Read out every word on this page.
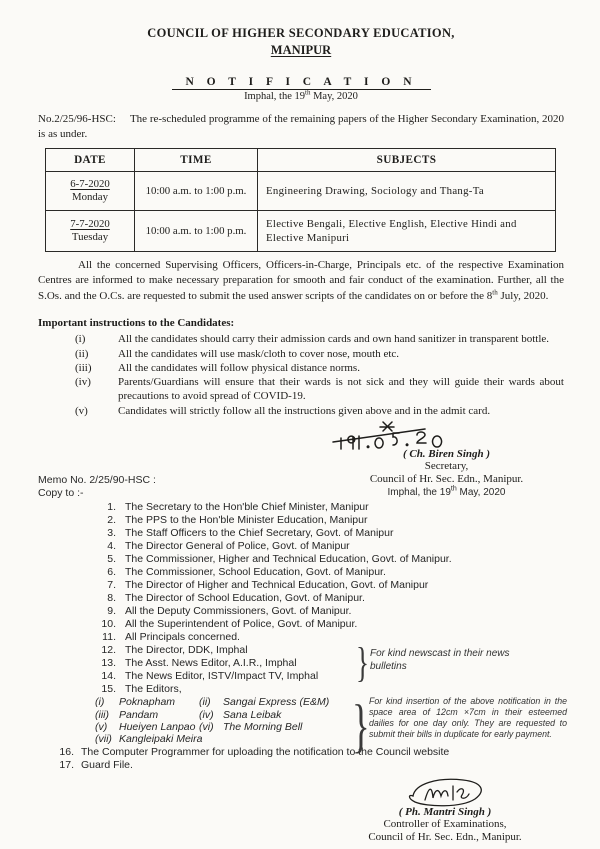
COUNCIL OF HIGHER SECONDARY EDUCATION,
MANIPUR
N O T I F I C A T I O N
Imphal, the 19th May, 2020

No.2/25/96-HSC: The re-scheduled programme of the remaining papers of the Higher Secondary Examination, 2020 is as under.

DATE	TIME	SUBJECTS
6-7-2020
Monday	10:00 a.m. to 1:00 p.m.	Engineering Drawing, Sociology and Thang-Ta
7-7-2020
Tuesday	10:00 a.m. to 1:00 p.m.	Elective Bengali, Elective English, Elective Hindi and Elective Manipuri

All the concerned Supervising Officers, Officers-in-Charge, Principals etc. of the respective Examination Centres are informed to make necessary preparation for smooth and fair conduct of the examination. Further, all the S.Os. and the O.Cs. are requested to submit the used answer scripts of the candidates on or before the 8th July, 2020.

Important instructions to the Candidates:
(i)	All the candidates should carry their admission cards and own hand sanitizer in transparent bottle.
(ii)	All the candidates will use mask/cloth to cover nose, mouth etc.
(iii)	All the candidates will follow physical distance norms.
(iv)	Parents/Guardians will ensure that their wards is not sick and they will guide their wards about precautions to avoid spread of COVID-19.
(v)	Candidates will strictly follow all the instructions given above and in the admit card.
( Ch. Biren Singh )
Secretary,
Council of Hr. Sec. Edn., Manipur.
Imphal, the 19th May, 2020
Memo No. 2/25/90-HSC :
Copy to :-
1. The Secretary to the Hon'ble Chief Minister, Manipur
2. The PPS to the Hon'ble Minister Education, Manipur
3. The Staff Officers to the Chief Secretary, Govt. of Manipur
4. The Director General of Police, Govt. of Manipur
5. The Commissioner, Higher and Technical Education, Govt. of Manipur.
6. The Commissioner, School Education, Govt. of Manipur.
7. The Director of Higher and Technical Education, Govt. of Manipur
8. The Director of School Education, Govt. of Manipur.
9. All the Deputy Commissioners, Govt. of Manipur.
10. All the Superintendent of Police, Govt. of Manipur.
11. All Principals concerned.
12. The Director, DDK, Imphal
13. The Asst. News Editor, A.I.R., Imphal
14. The News Editor, ISTV/Impact TV, Imphal
15. The Editors,
(i)	Poknapham	(ii)	Sangai Express (E&M)
(iii) Pandam	(iv) Sana Leibak
(v)	Hueiyen Lanpao (vi) The Morning Bell
(vii) Kangleipaki Meira
16. The Computer Programmer for uploading the notification to the Council website
17. Guard File.
} For kind newscast in their news bulletins
} For kind insertion of the above notification in the space area of 12cm ×7cm in their esteemed dailies for one day only. They are requested to submit their bills in duplicate for early payment.
( Ph. Mantri Singh )
Controller of Examinations,
Council of Hr. Sec. Edn., Manipur.
